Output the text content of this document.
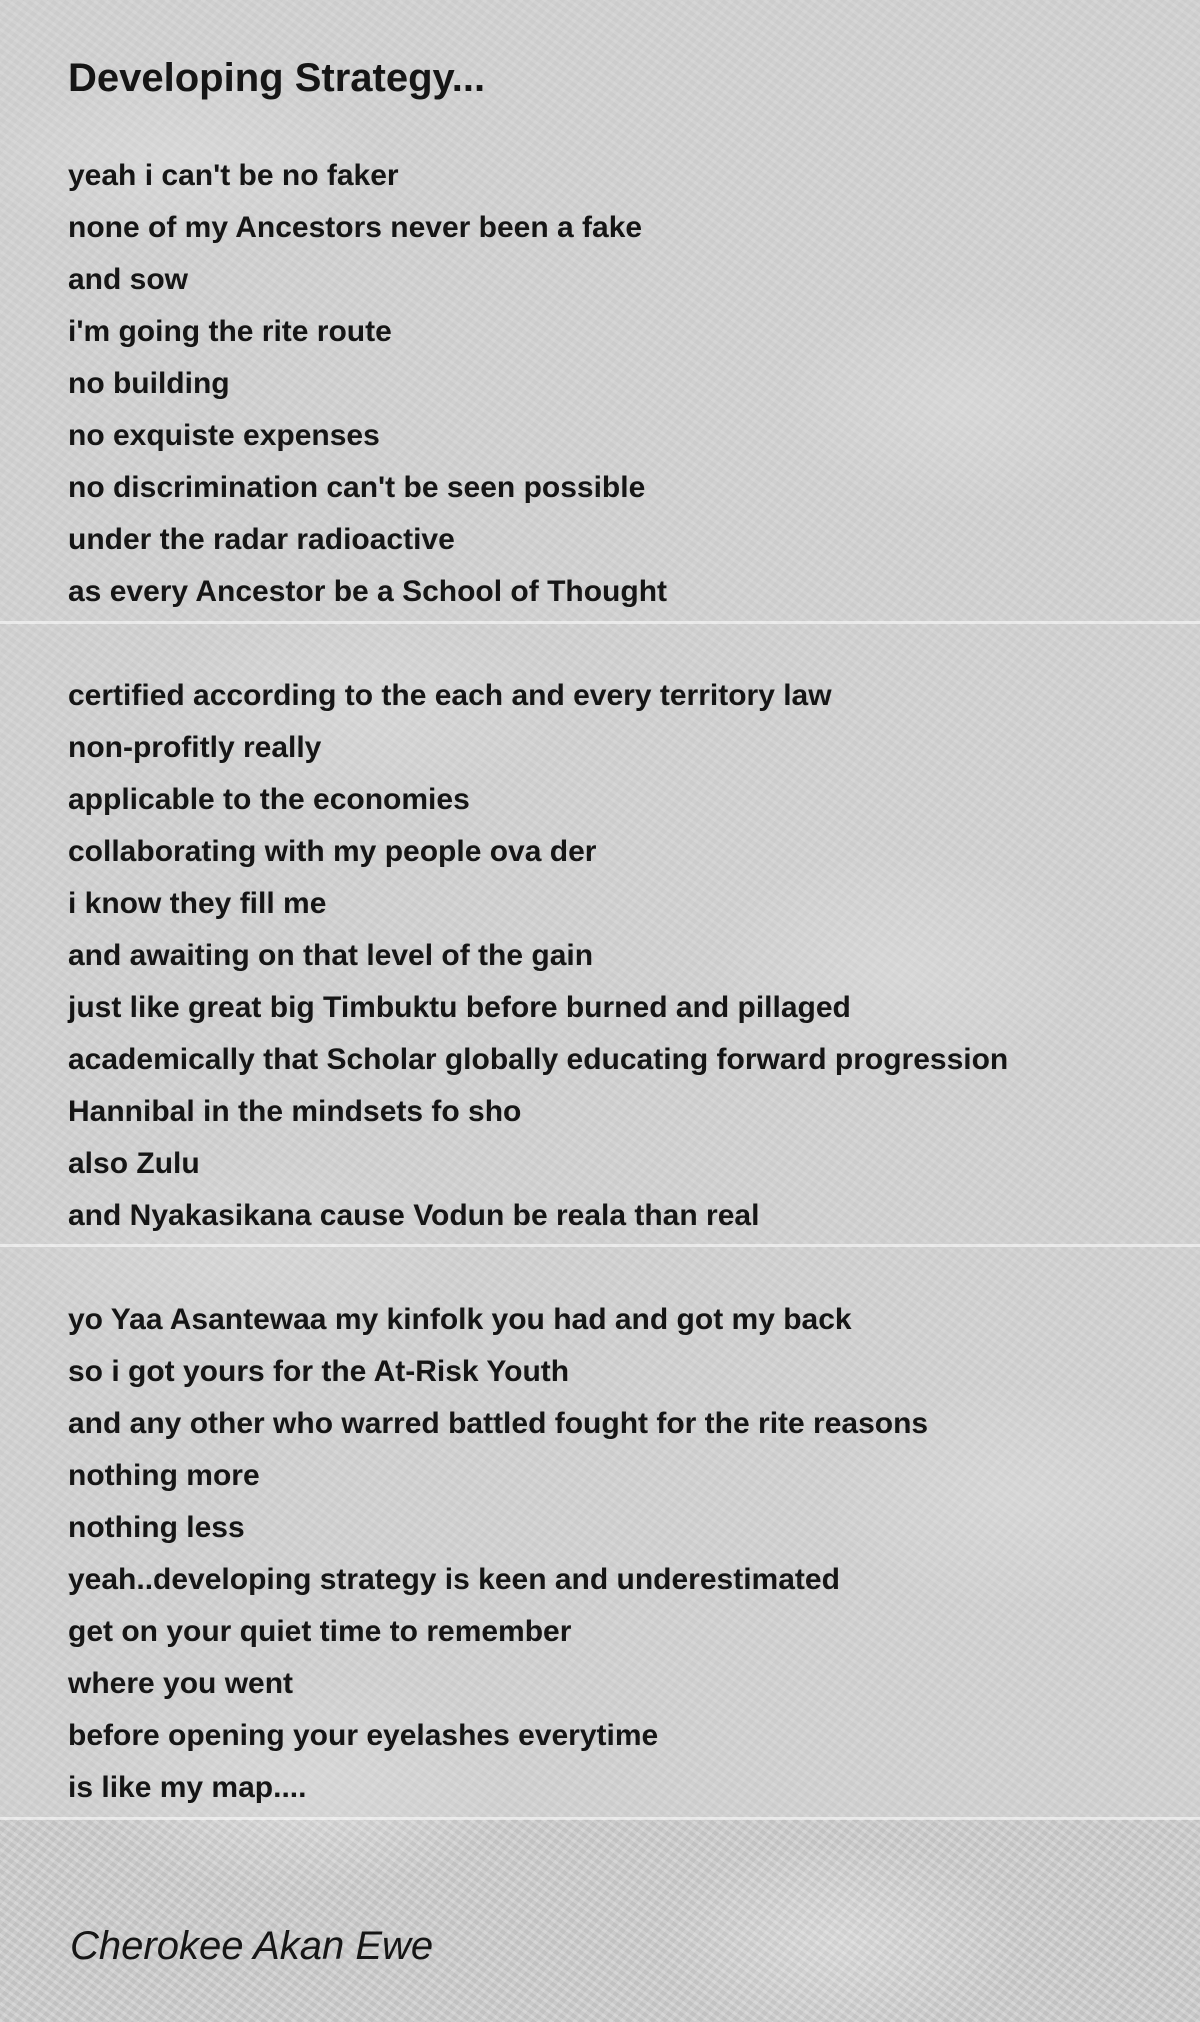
Developing Strategy...
yeah i can't be no faker
none of my Ancestors never been a fake
and sow
i'm going the rite route
no building
no exquiste expenses
no discrimination can't be seen possible
under the radar radioactive
as every Ancestor be a School of Thought
certified according to the each and every territory law
non-profitly really
applicable to the economies
collaborating with my people ova der
i know they fill me
and awaiting on that level of the gain
just like great big Timbuktu before burned and pillaged
academically that Scholar globally educating forward progression
Hannibal in the mindsets fo sho
also Zulu
and Nyakasikana cause Vodun be reala than real
yo Yaa Asantewaa my kinfolk you had and got my back
so i got yours for the At-Risk Youth
and any other who warred battled fought for the rite reasons
nothing more
nothing less
yeah..developing strategy is keen and underestimated
get on your quiet time to remember
where you went
before opening your eyelashes everytime
is like my map....
Cherokee Akan Ewe
